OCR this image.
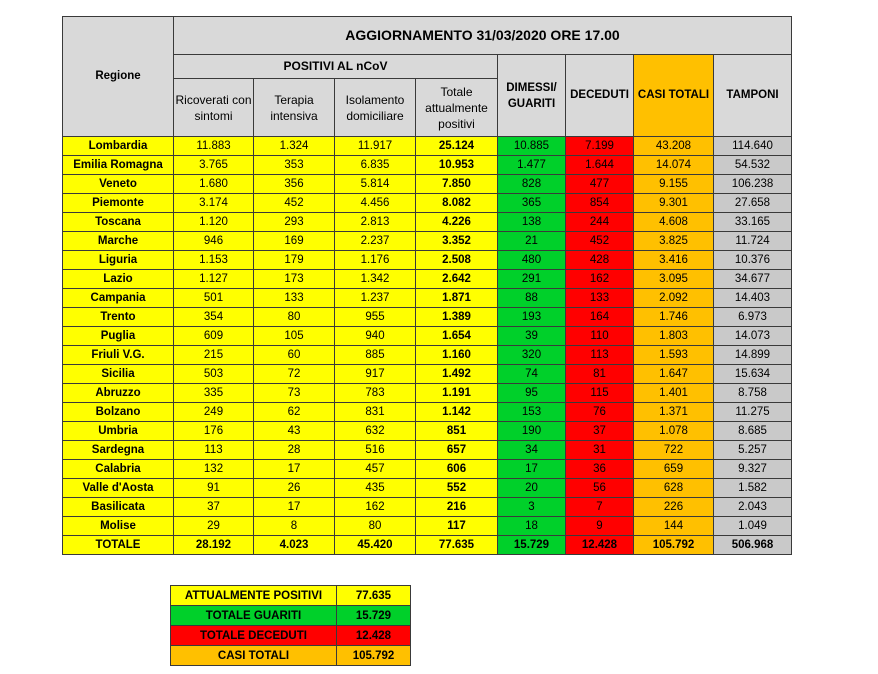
Regione	AGGIORNAMENTO 31/03/2020 ORE 17.00							
	POSITIVI AL nCoV				DIMESSI/ GUARITI	DECEDUTI	CASI TOTALI	TAMPONI
	Ricoverati con sintomi	Terapia intensiva	Isolamento domiciliare	Totale attualmente positivi				
Lombardia	11.883	1.324	11.917	25.124	10.885	7.199	43.208	114.640
Emilia Romagna	3.765	353	6.835	10.953	1.477	1.644	14.074	54.532
Veneto	1.680	356	5.814	7.850	828	477	9.155	106.238
Piemonte	3.174	452	4.456	8.082	365	854	9.301	27.658
Toscana	1.120	293	2.813	4.226	138	244	4.608	33.165
Marche	946	169	2.237	3.352	21	452	3.825	11.724
Liguria	1.153	179	1.176	2.508	480	428	3.416	10.376
Lazio	1.127	173	1.342	2.642	291	162	3.095	34.677
Campania	501	133	1.237	1.871	88	133	2.092	14.403
Trento	354	80	955	1.389	193	164	1.746	6.973
Puglia	609	105	940	1.654	39	110	1.803	14.073
Friuli V.G.	215	60	885	1.160	320	113	1.593	14.899
Sicilia	503	72	917	1.492	74	81	1.647	15.634
Abruzzo	335	73	783	1.191	95	115	1.401	8.758
Bolzano	249	62	831	1.142	153	76	1.371	11.275
Umbria	176	43	632	851	190	37	1.078	8.685
Sardegna	113	28	516	657	34	31	722	5.257
Calabria	132	17	457	606	17	36	659	9.327
Valle d'Aosta	91	26	435	552	20	56	628	1.582
Basilicata	37	17	162	216	3	7	226	2.043
Molise	29	8	80	117	18	9	144	1.049
TOTALE	28.192	4.023	45.420	77.635	15.729	12.428	105.792	506.968
ATTUALMENTE POSITIVI	77.635
TOTALE GUARITI	15.729
TOTALE DECEDUTI	12.428
CASI TOTALI	105.792
